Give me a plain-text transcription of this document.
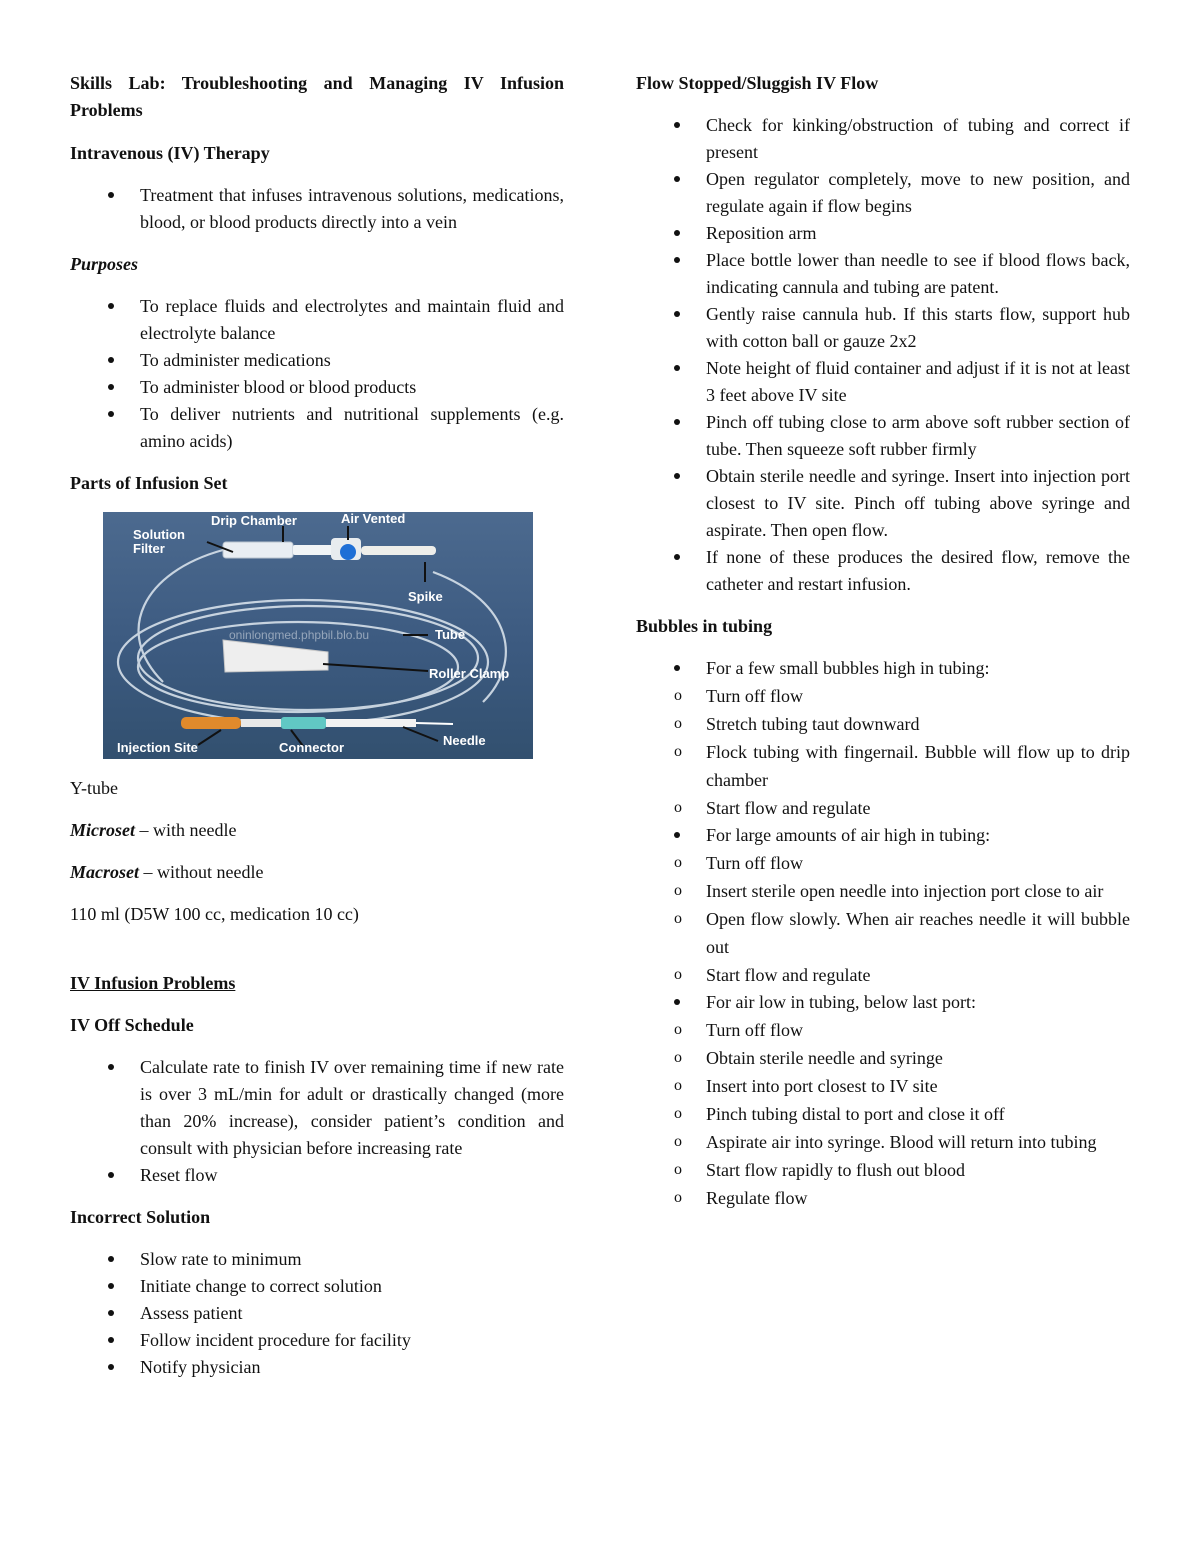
Skills Lab: Troubleshooting and Managing IV Infusion Problems
Intravenous (IV) Therapy
Treatment that infuses intravenous solutions, medications, blood, or blood products directly into a vein
Purposes
To replace fluids and electrolytes and maintain fluid and electrolyte balance
To administer medications
To administer blood or blood products
To deliver nutrients and nutritional supplements (e.g. amino acids)
Parts of Infusion Set
Drip Chamber	Air Vented
Solution Filter
Spike
oninlongmed.phpbil.blo.bu	Tube
Roller Clamp
Injection Site	Connector	Needle

Y-tube

Microset – with needle

Macroset – without needle

110 ml (D5W 100 cc, medication 10 cc)

IV Infusion Problems
IV Off Schedule
Calculate rate to finish IV over remaining time if new rate is over 3 mL/min for adult or drastically changed (more than 20% increase), consider patient’s condition and consult with physician before increasing rate
Reset flow
Incorrect Solution
Slow rate to minimum
Initiate change to correct solution
Assess patient
Follow incident procedure for facility
Notify physician
Flow Stopped/Sluggish IV Flow
Check for kinking/obstruction of tubing and correct if present
Open regulator completely, move to new position, and regulate again if flow begins
Reposition arm
Place bottle lower than needle to see if blood flows back, indicating cannula and tubing are patent.
Gently raise cannula hub. If this starts flow, support hub with cotton ball or gauze 2x2
Note height of fluid container and adjust if it is not at least 3 feet above IV site
Pinch off tubing close to arm above soft rubber section of tube. Then squeeze soft rubber firmly
Obtain sterile needle and syringe. Insert into injection port closest to IV site. Pinch off tubing above syringe and aspirate. Then open flow.
If none of these produces the desired flow, remove the catheter and restart infusion.
Bubbles in tubing
For a few small bubbles high in tubing:
o Turn off flow
o Stretch tubing taut downward
o Flock tubing with fingernail. Bubble will flow up to drip chamber
o Start flow and regulate
For large amounts of air high in tubing:
o Turn off flow
o Insert sterile open needle into injection port close to air
o Open flow slowly. When air reaches needle it will bubble out
o Start flow and regulate
For air low in tubing, below last port:
o Turn off flow
o Obtain sterile needle and syringe
o Insert into port closest to IV site
o Pinch tubing distal to port and close it off
o Aspirate air into syringe. Blood will return into tubing
o Start flow rapidly to flush out blood
o Regulate flow
